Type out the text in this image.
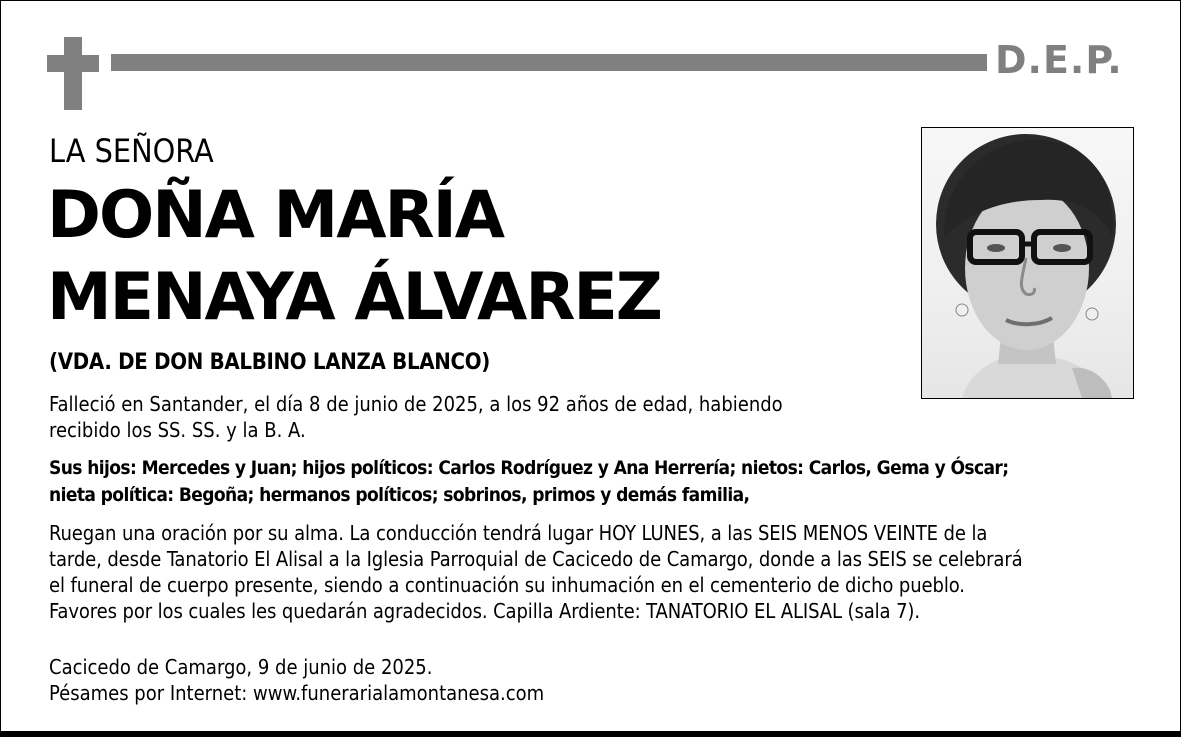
D.E.P.
LA SEÑORA
DOÑA MARÍA
MENAYA ÁLVAREZ
(VDA. DE DON BALBINO LANZA BLANCO)
Falleció en Santander, el día 8 de junio de 2025, a los 92 años de edad, habiendo
recibido los SS. SS. y la B. A.
Sus hijos: Mercedes y Juan; hijos políticos: Carlos Rodríguez y Ana Herrería; nietos: Carlos, Gema y Óscar;
nieta política: Begoña; hermanos políticos; sobrinos, primos y demás familia,
Ruegan una oración por su alma. La conducción tendrá lugar HOY LUNES, a las SEIS MENOS VEINTE de la
tarde, desde Tanatorio El Alisal a la Iglesia Parroquial de Cacicedo de Camargo, donde a las SEIS se celebrará
el funeral de cuerpo presente, siendo a continuación su inhumación en el cementerio de dicho pueblo.
Favores por los cuales les quedarán agradecidos. Capilla Ardiente: TANATORIO EL ALISAL (sala 7).
Cacicedo de Camargo, 9 de junio de 2025.
Pésames por Internet: www.funerarialamontanesa.com
